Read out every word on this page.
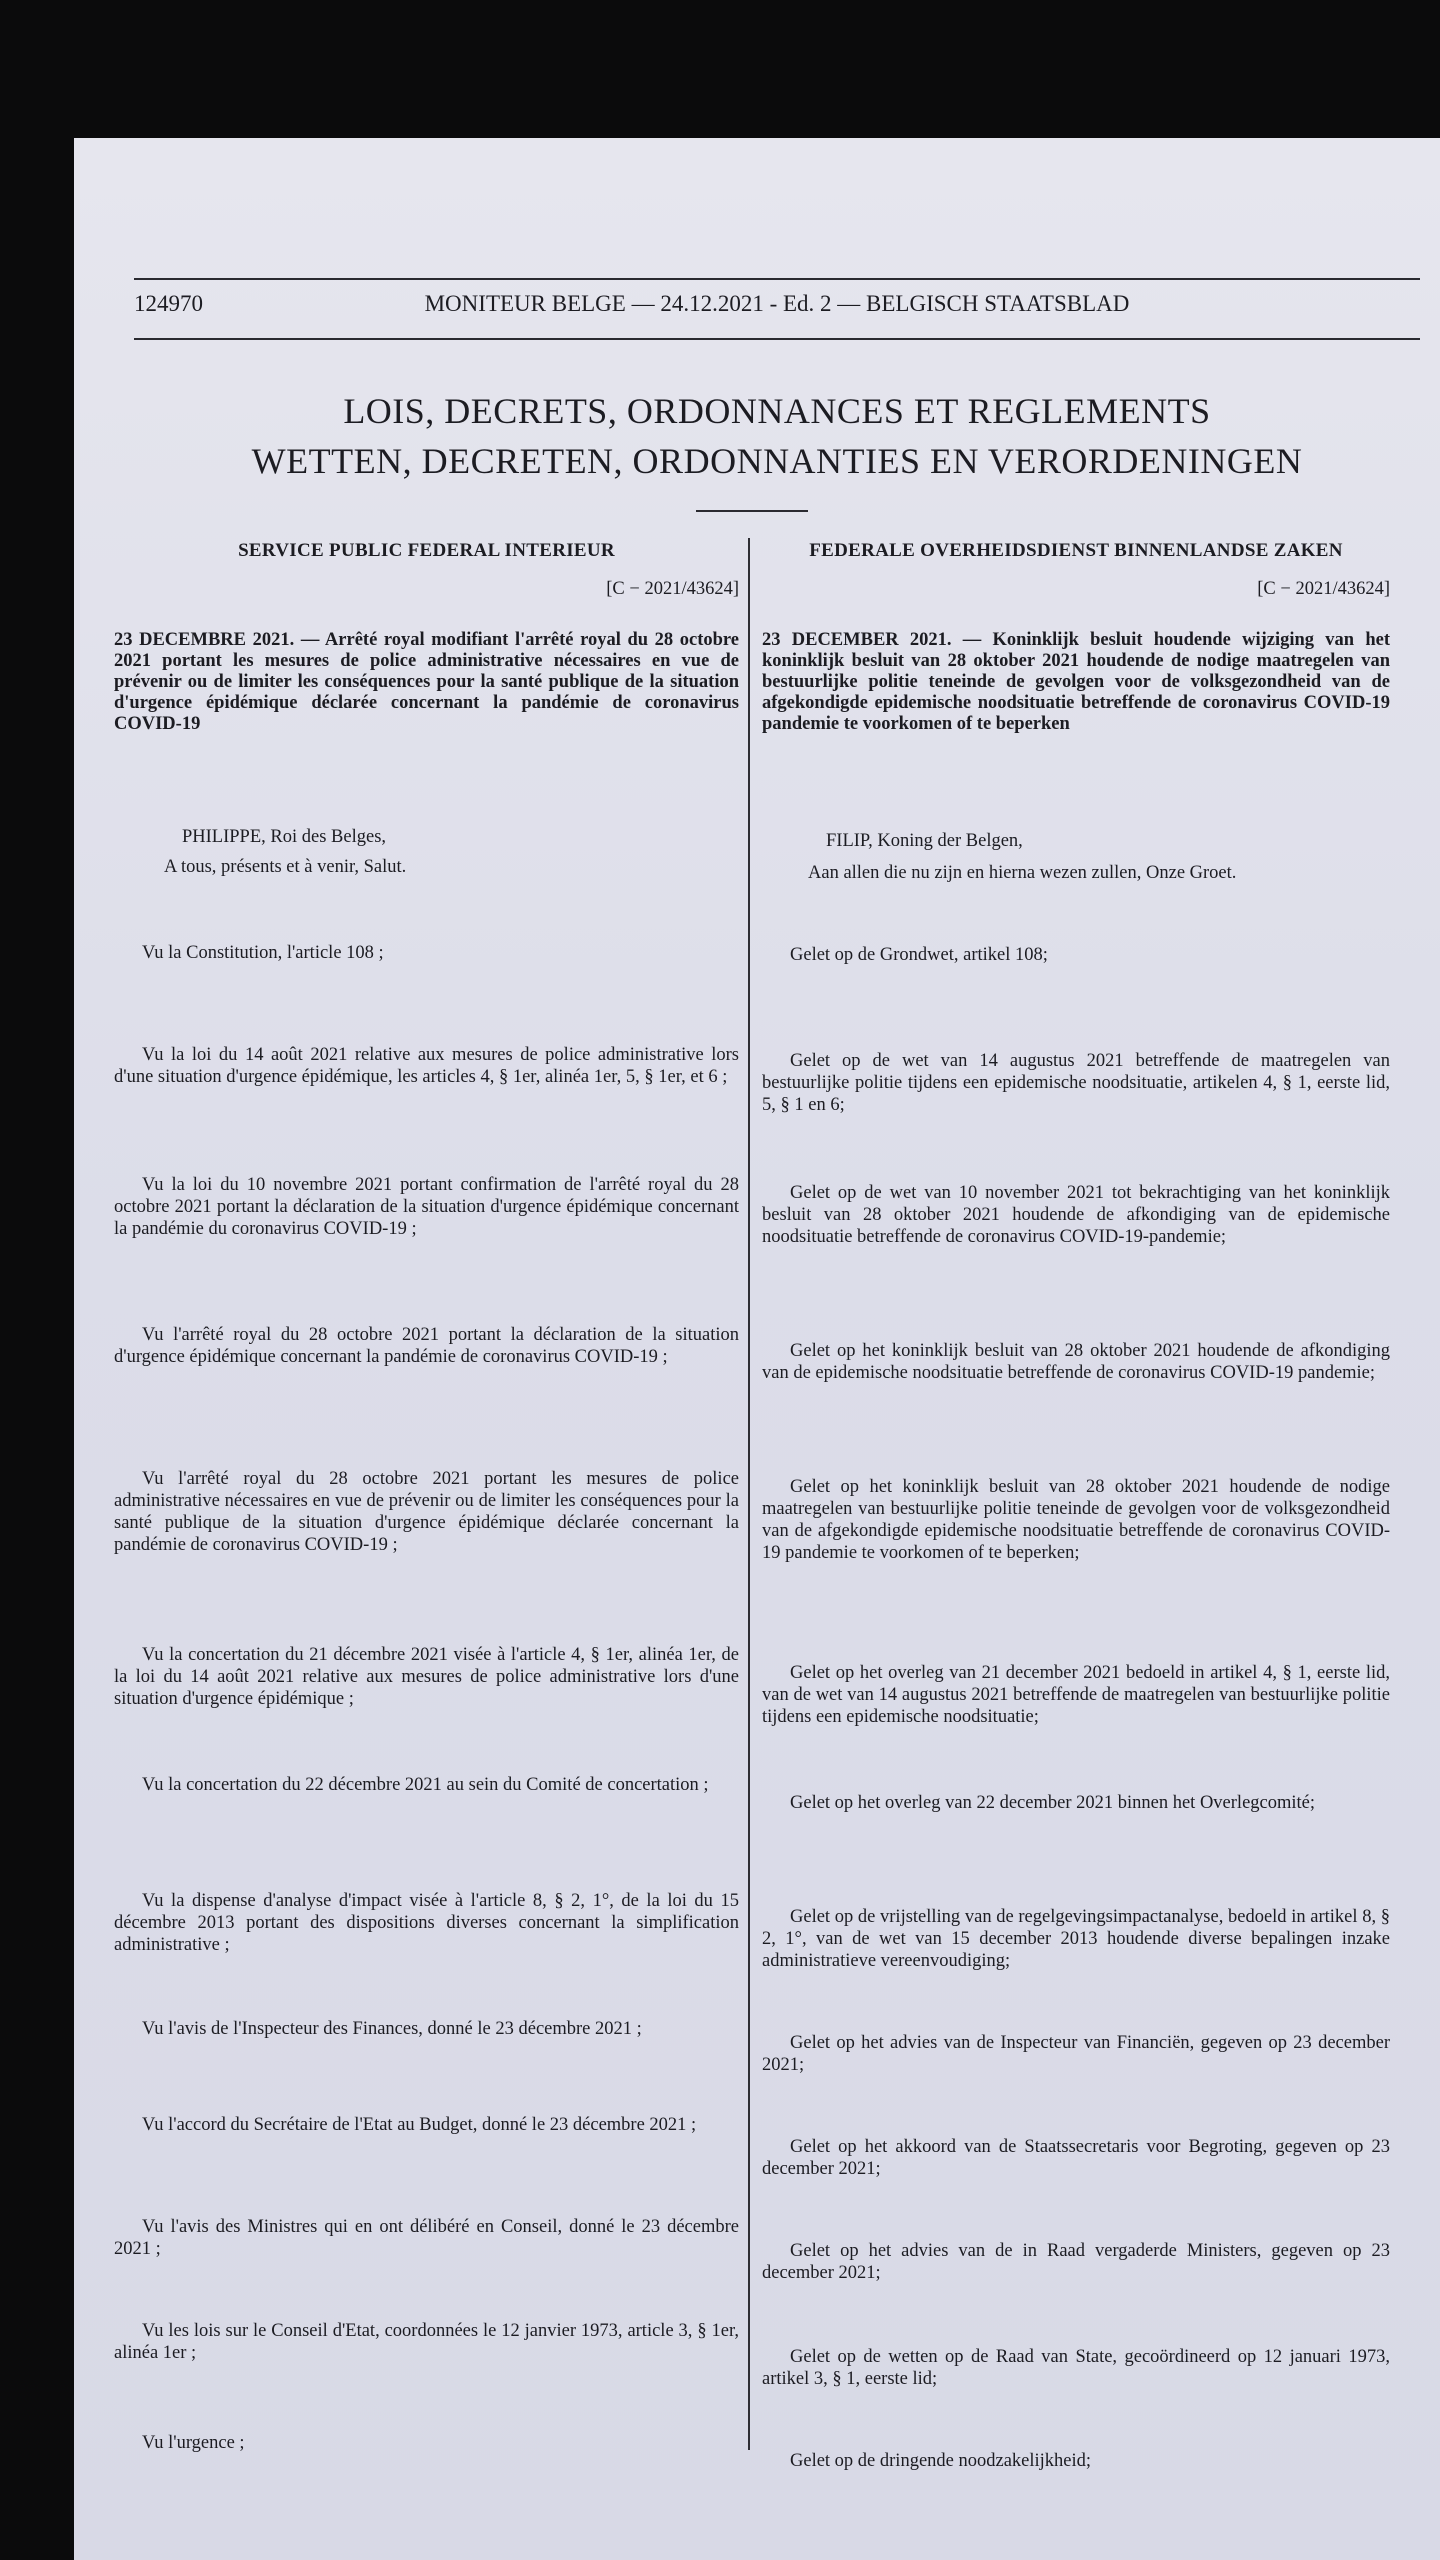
124970	MONITEUR BELGE — 24.12.2021 - Ed. 2 — BELGISCH STAATSBLAD
LOIS, DECRETS, ORDONNANCES ET REGLEMENTS
WETTEN, DECRETEN, ORDONNANTIES EN VERORDENINGEN
SERVICE PUBLIC FEDERAL INTERIEUR
[C − 2021/43624]
23 DECEMBRE 2021. — Arrêté royal modifiant l'arrêté royal du 28 octobre 2021 portant les mesures de police administrative nécessaires en vue de prévenir ou de limiter les conséquences pour la santé publique de la situation d'urgence épidémique déclarée concernant la pandémie de coronavirus COVID-19
PHILIPPE, Roi des Belges,
A tous, présents et à venir, Salut.
Vu la Constitution, l'article 108 ;
Vu la loi du 14 août 2021 relative aux mesures de police administrative lors d'une situation d'urgence épidémique, les articles 4, § 1er, alinéa 1er, 5, § 1er, et 6 ;
Vu la loi du 10 novembre 2021 portant confirmation de l'arrêté royal du 28 octobre 2021 portant la déclaration de la situation d'urgence épidémique concernant la pandémie du coronavirus COVID-19 ;
Vu l'arrêté royal du 28 octobre 2021 portant la déclaration de la situation d'urgence épidémique concernant la pandémie de coronavirus COVID-19 ;
Vu l'arrêté royal du 28 octobre 2021 portant les mesures de police administrative nécessaires en vue de prévenir ou de limiter les conséquences pour la santé publique de la situation d'urgence épidémique déclarée concernant la pandémie de coronavirus COVID-19 ;
Vu la concertation du 21 décembre 2021 visée à l'article 4, § 1er, alinéa 1er, de la loi du 14 août 2021 relative aux mesures de police administrative lors d'une situation d'urgence épidémique ;
Vu la concertation du 22 décembre 2021 au sein du Comité de concertation ;
Vu la dispense d'analyse d'impact visée à l'article 8, § 2, 1°, de la loi du 15 décembre 2013 portant des dispositions diverses concernant la simplification administrative ;
Vu l'avis de l'Inspecteur des Finances, donné le 23 décembre 2021 ;
Vu l'accord du Secrétaire de l'Etat au Budget, donné le 23 décembre 2021 ;
Vu l'avis des Ministres qui en ont délibéré en Conseil, donné le 23 décembre 2021 ;
Vu les lois sur le Conseil d'Etat, coordonnées le 12 janvier 1973, article 3, § 1er, alinéa 1er ;
Vu l'urgence ;
FEDERALE OVERHEIDSDIENST BINNENLANDSE ZAKEN
[C − 2021/43624]
23 DECEMBER 2021. — Koninklijk besluit houdende wijziging van het koninklijk besluit van 28 oktober 2021 houdende de nodige maatregelen van bestuurlijke politie teneinde de gevolgen voor de volksgezondheid van de afgekondigde epidemische noodsituatie betreffende de coronavirus COVID-19 pandemie te voorkomen of te beperken
FILIP, Koning der Belgen,
Aan allen die nu zijn en hierna wezen zullen, Onze Groet.
Gelet op de Grondwet, artikel 108;
Gelet op de wet van 14 augustus 2021 betreffende de maatregelen van bestuurlijke politie tijdens een epidemische noodsituatie, artikelen 4, § 1, eerste lid, 5, § 1 en 6;
Gelet op de wet van 10 november 2021 tot bekrachtiging van het koninklijk besluit van 28 oktober 2021 houdende de afkondiging van de epidemische noodsituatie betreffende de coronavirus COVID-19-pandemie;
Gelet op het koninklijk besluit van 28 oktober 2021 houdende de afkondiging van de epidemische noodsituatie betreffende de coronavirus COVID-19 pandemie;
Gelet op het koninklijk besluit van 28 oktober 2021 houdende de nodige maatregelen van bestuurlijke politie teneinde de gevolgen voor de volksgezondheid van de afgekondigde epidemische noodsituatie betreffende de coronavirus COVID-19 pandemie te voorkomen of te beperken;
Gelet op het overleg van 21 december 2021 bedoeld in artikel 4, § 1, eerste lid, van de wet van 14 augustus 2021 betreffende de maatregelen van bestuurlijke politie tijdens een epidemische noodsituatie;
Gelet op het overleg van 22 december 2021 binnen het Overlegcomité;
Gelet op de vrijstelling van de regelgevingsimpactanalyse, bedoeld in artikel 8, § 2, 1°, van de wet van 15 december 2013 houdende diverse bepalingen inzake administratieve vereenvoudiging;
Gelet op het advies van de Inspecteur van Financiën, gegeven op 23 december 2021;
Gelet op het akkoord van de Staatssecretaris voor Begroting, gegeven op 23 december 2021;
Gelet op het advies van de in Raad vergaderde Ministers, gegeven op 23 december 2021;
Gelet op de wetten op de Raad van State, gecoördineerd op 12 januari 1973, artikel 3, § 1, eerste lid;
Gelet op de dringende noodzakelijkheid;
